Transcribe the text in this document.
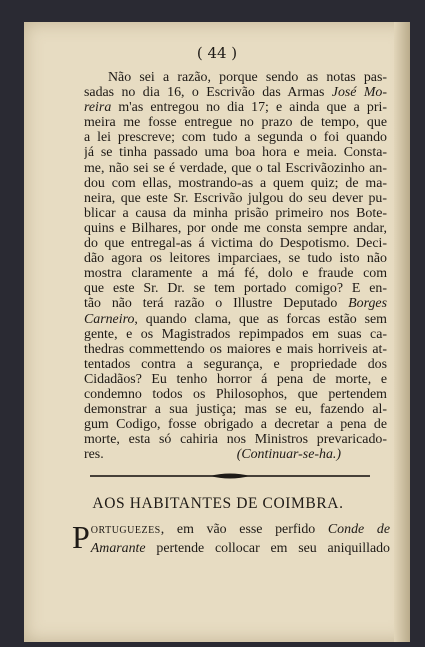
( 44 )
Não sei a razão, porque sendo as notas pas-
sadas no dia 16, o Escrivão das Armas José Mo-
reira m'as entregou no dia 17; e ainda que a pri-
meira me fosse entregue no prazo de tempo, que
a lei prescreve; com tudo a segunda o foi quando
já se tinha passado uma boa hora e meia. Consta-
me, não sei se é verdade, que o tal Escrivãozinho an-
dou com ellas, mostrando-as a quem quiz; de ma-
neira, que este Sr. Escrivão julgou do seu dever pu-
blicar a causa da minha prisão primeiro nos Bote-
quins e Bilhares, por onde me consta sempre andar,
do que entregal-as á victima do Despotismo. Deci-
dão agora os leitores imparciaes, se tudo isto não
mostra claramente a má fé, dolo e fraude com
que este Sr. Dr. se tem portado comigo? E en-
tão não terá razão o Illustre Deputado Borges
Carneiro, quando clama, que as forcas estão sem
gente, e os Magistrados repimpados em suas ca-
thedras commettendo os maiores e mais horriveis at-
tentados contra a segurança, e propriedade dos
Cidadãos? Eu tenho horror á pena de morte, e
condemno todos os Philosophos, que pertendem
demonstrar a sua justiça; mas se eu, fazendo al-
gum Codigo, fosse obrigado a decretar a pena de
morte, esta só cahiria nos Ministros prevaricado-
res.	(Continuar-se-ha.)
AOS HABITANTES DE COIMBRA.
P ortuguezes, em vão esse perfido Conde de
Amarante pertende collocar em seu aniquillado
